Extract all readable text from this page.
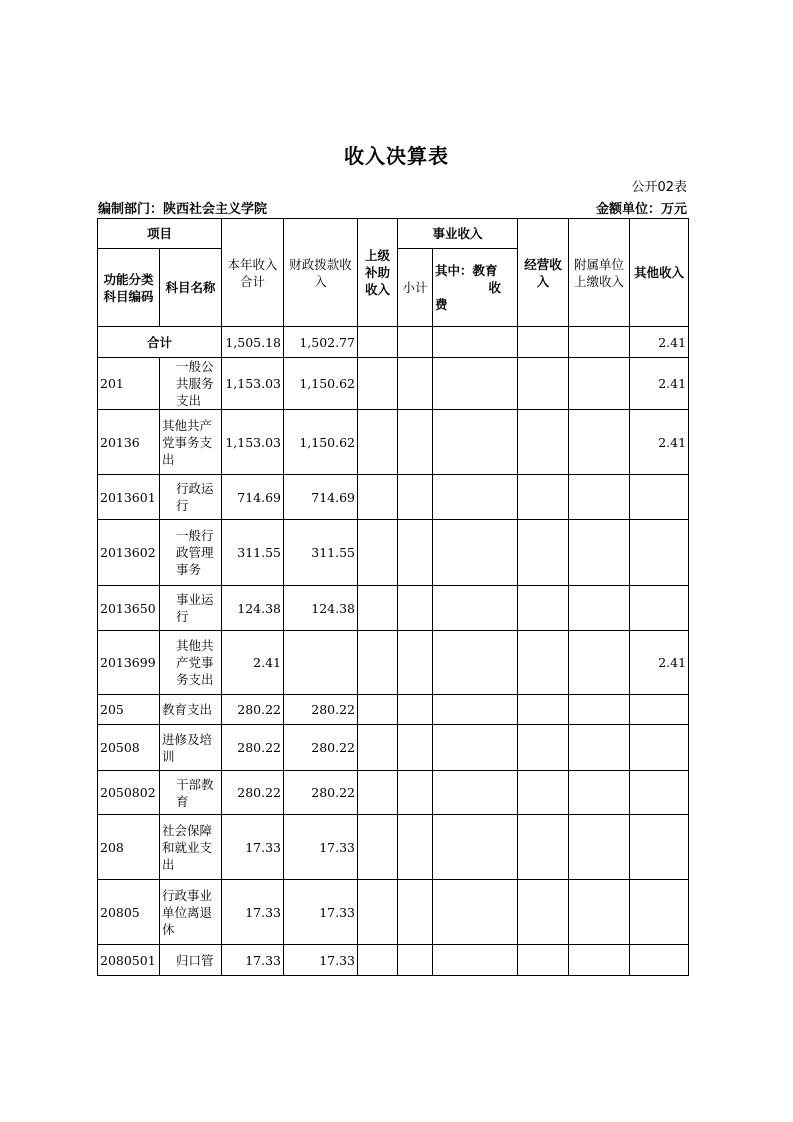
收入决算表
公开02表
编制部门：陕西社会主义学院	金额单位：万元
项目		本年收入合计	财政拨款收入	上级补助收入	事业收入		经营收入	附属单位上缴收入	其他收入
功能分类科目编码	科目名称				小计	其中：教育
收
费			

合计		1,505.18	1,502.77						2.41
201	一般公共服务支出	1,153.03	1,150.62						2.41
20136	其他共产党事务支出	1,153.03	1,150.62						2.41
2013601	行政运行	714.69	714.69						
2013602	一般行政管理事务	311.55	311.55						
2013650	事业运行	124.38	124.38						
2013699	其他共产党事务支出	2.41							2.41
205	教育支出	280.22	280.22						
20508	进修及培训	280.22	280.22						
2050802	干部教育	280.22	280.22						
208	社会保障和就业支出	17.33	17.33						
20805	行政事业单位离退休	17.33	17.33						
2080501	归口管	17.33	17.33						
